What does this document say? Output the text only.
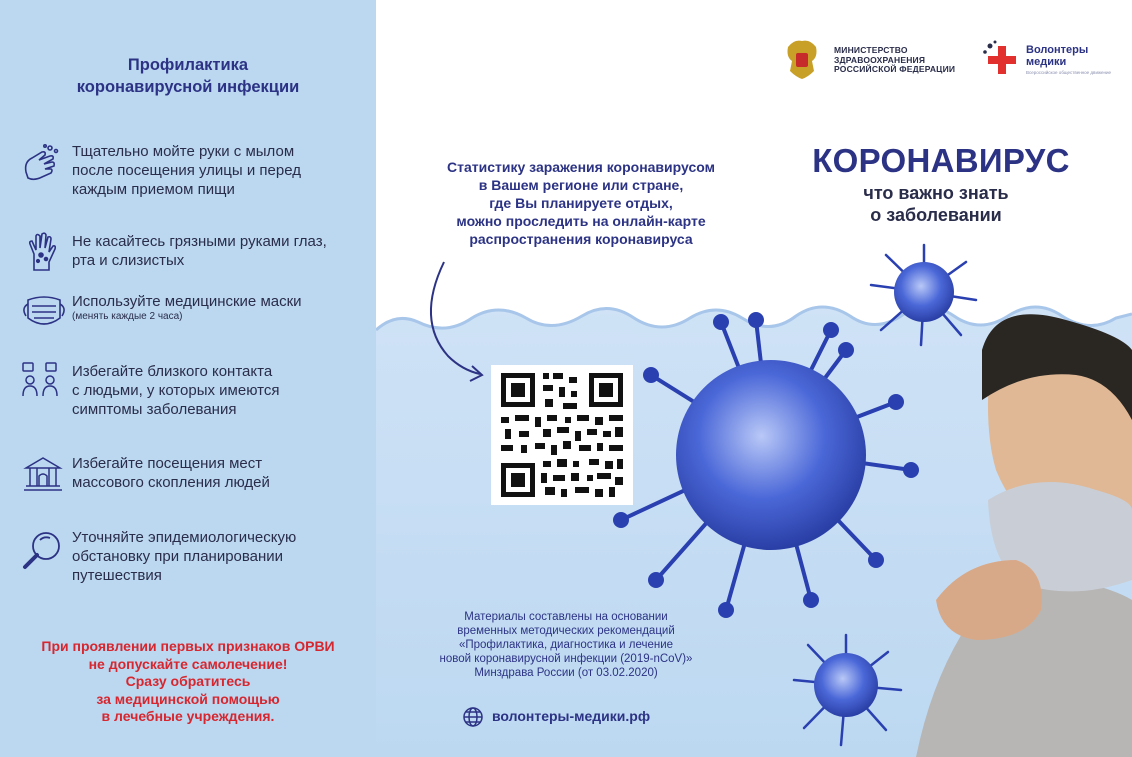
Профилактика
коронавирусной инфекции
Тщательно мойте руки с мылом
после посещения улицы и перед
каждым приемом пищи
Не касайтесь грязными руками глаз,
рта и слизистых
Используйте медицинские маски
(менять каждые 2 часа)
Избегайте близкого контакта
с людьми, у которых имеются
симптомы заболевания
Избегайте посещения мест
массового скопления людей
Уточняйте эпидемиологическую
обстановку при планировании
путешествия
При проявлении первых признаков ОРВИ
не допускайте самолечение!
Сразу обратитесь
за медицинской помощью
в лечебные учреждения.
МИНИСТЕРСТВО
ЗДРАВООХРАНЕНИЯ
РОССИЙСКОЙ ФЕДЕРАЦИИ
Волонтеры
медики
Всероссийское общественное движение
Статистику заражения коронавирусом
в Вашем регионе или стране,
где Вы планируете отдых,
можно проследить на онлайн-карте
распространения коронавируса
КОРОНАВИРУС
что важно знать
о заболевании
Материалы составлены на основании
временных методических рекомендаций
«Профилактика, диагностика и лечение
новой коронавирусной инфекции (2019-nCoV)»
Минздрава России (от 03.02.2020)
волонтеры-медики.рф
